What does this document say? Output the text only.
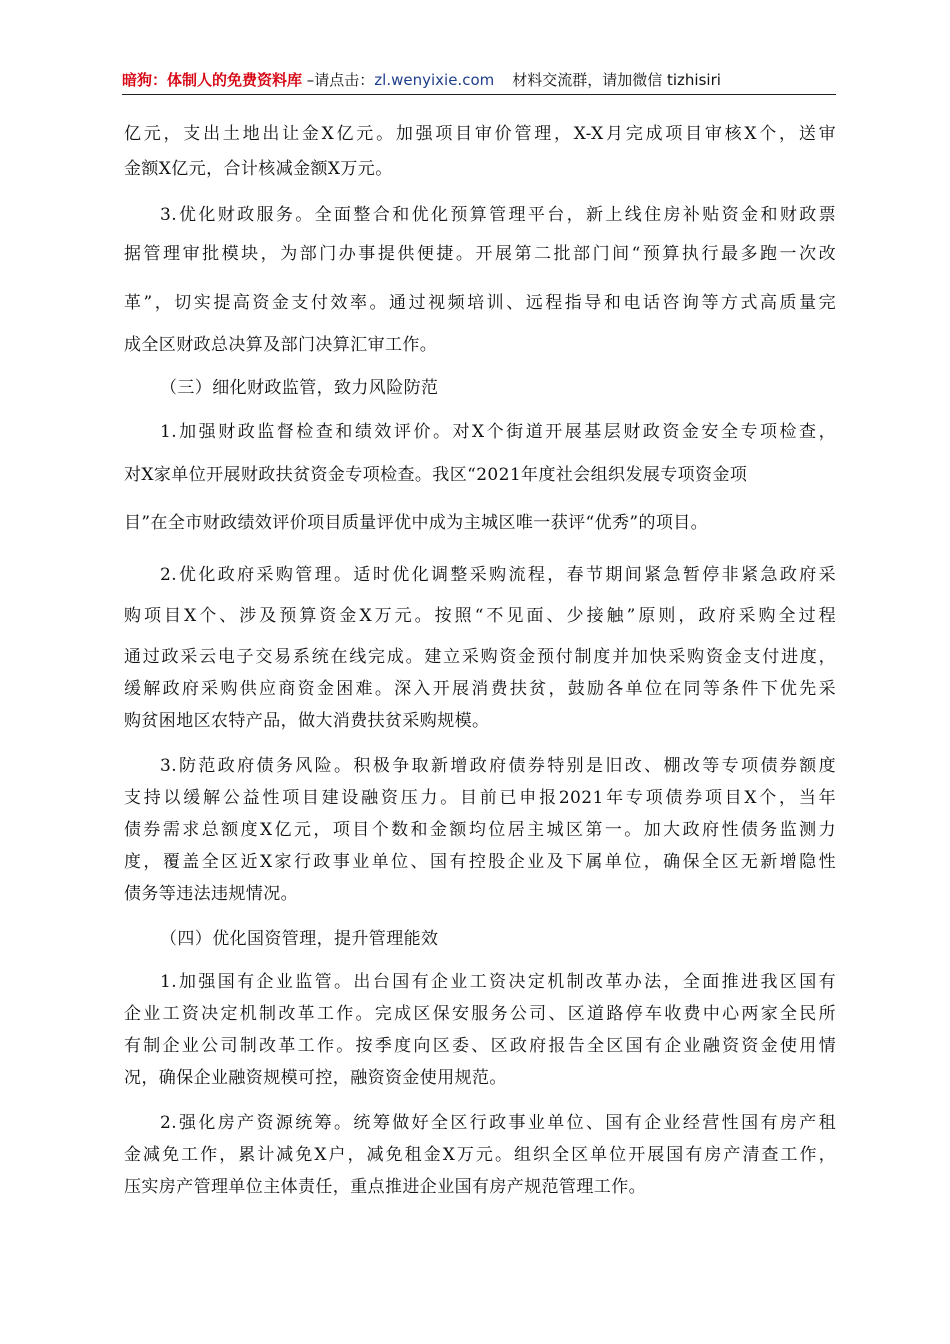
暗狗：体制人的免费资料库 –请点击：zl.wenyixie.com 材料交流群，请加微信 tizhisiri
亿元，支出土地出让金X亿元。加强项目审价管理，X-X月完成项目审核X个，送审
金额X亿元，合计核减金额X万元。
3.优化财政服务。全面整合和优化预算管理平台，新上线住房补贴资金和财政票
据管理审批模块，为部门办事提供便捷。开展第二批部门间“预算执行最多跑一次改
革”，切实提高资金支付效率。通过视频培训、远程指导和电话咨询等方式高质量完
成全区财政总决算及部门决算汇审工作。
（三）细化财政监管，致力风险防范
1.加强财政监督检查和绩效评价。对X个街道开展基层财政资金安全专项检查，
对X家单位开展财政扶贫资金专项检查。我区“2021年度社会组织发展专项资金项
目”在全市财政绩效评价项目质量评优中成为主城区唯一获评“优秀”的项目。
2.优化政府采购管理。适时优化调整采购流程，春节期间紧急暂停非紧急政府采
购项目X个、涉及预算资金X万元。按照“不见面、少接触”原则，政府采购全过程
通过政采云电子交易系统在线完成。建立采购资金预付制度并加快采购资金支付进度，
缓解政府采购供应商资金困难。深入开展消费扶贫，鼓励各单位在同等条件下优先采
购贫困地区农特产品，做大消费扶贫采购规模。
3.防范政府债务风险。积极争取新增政府债券特别是旧改、棚改等专项债券额度
支持以缓解公益性项目建设融资压力。目前已申报2021年专项债券项目X个，当年
债券需求总额度X亿元，项目个数和金额均位居主城区第一。加大政府性债务监测力
度，覆盖全区近X家行政事业单位、国有控股企业及下属单位，确保全区无新增隐性
债务等违法违规情况。
（四）优化国资管理，提升管理能效
1.加强国有企业监管。出台国有企业工资决定机制改革办法，全面推进我区国有
企业工资决定机制改革工作。完成区保安服务公司、区道路停车收费中心两家全民所
有制企业公司制改革工作。按季度向区委、区政府报告全区国有企业融资资金使用情
况，确保企业融资规模可控，融资资金使用规范。
2.强化房产资源统筹。统筹做好全区行政事业单位、国有企业经营性国有房产租
金减免工作，累计减免X户，减免租金X万元。组织全区单位开展国有房产清查工作，
压实房产管理单位主体责任，重点推进企业国有房产规范管理工作。
